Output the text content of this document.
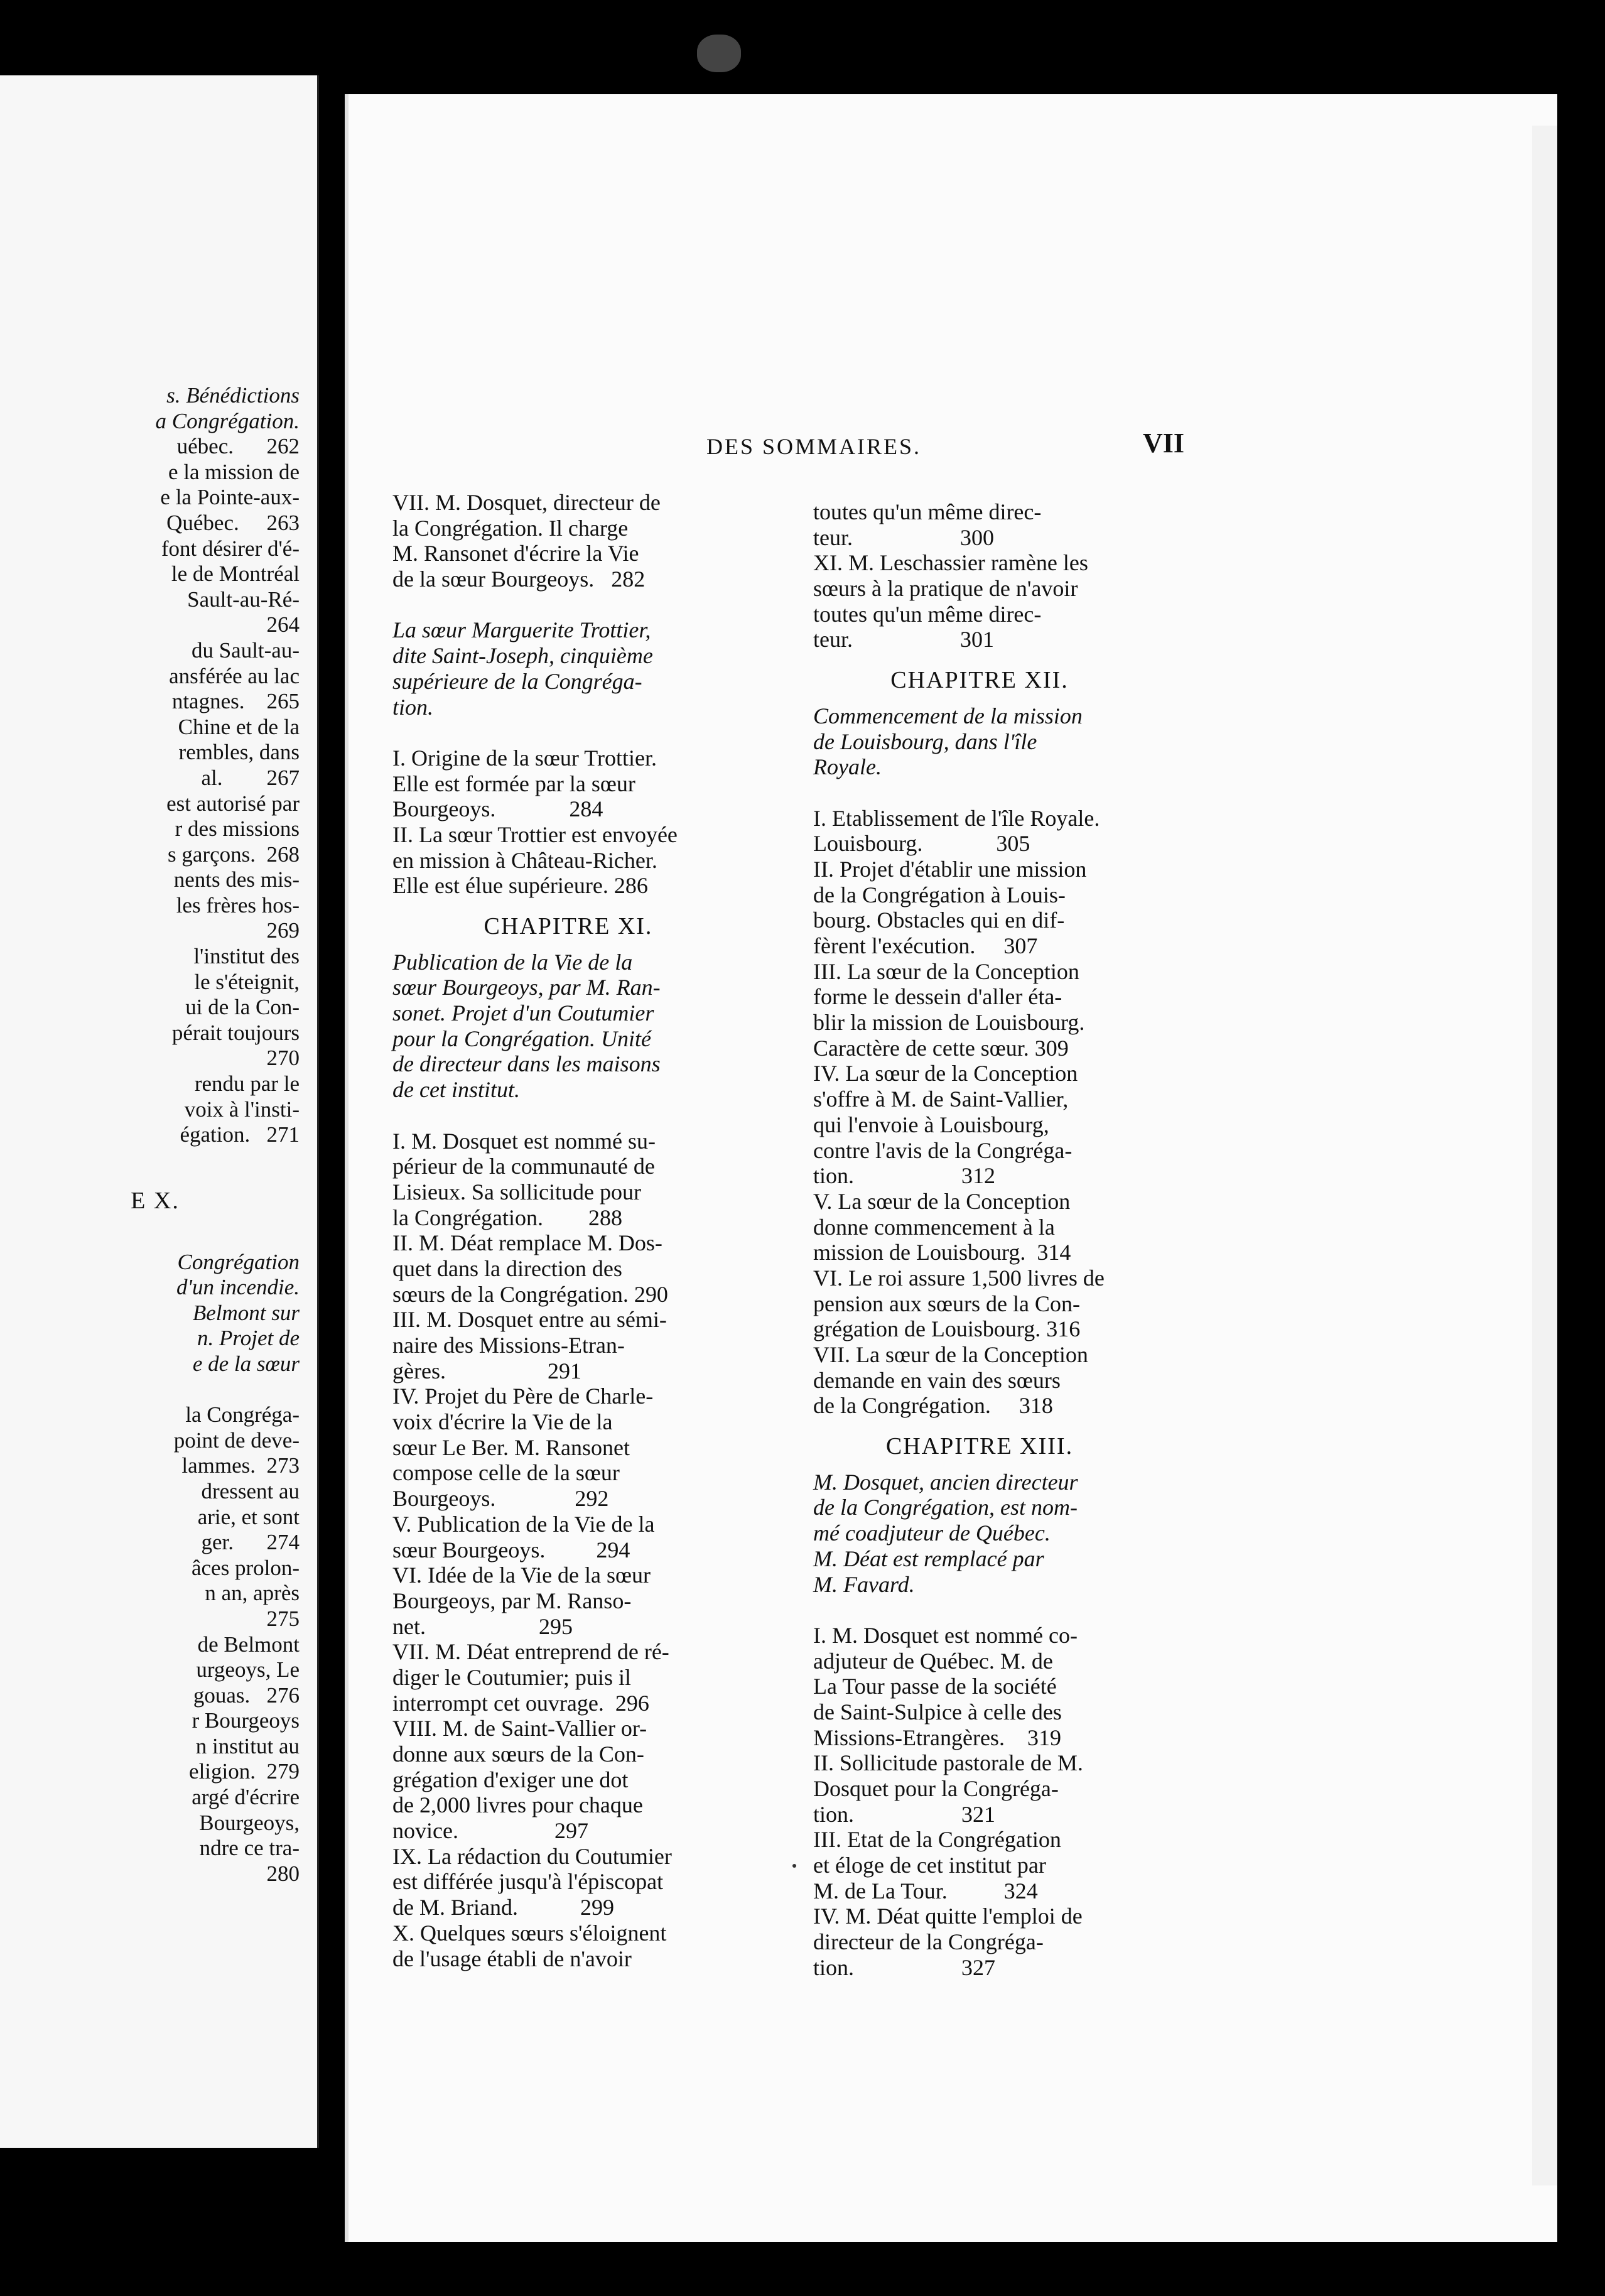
s. Bénédictions
a Congrégation.
uébec.      262
e la mission de
e la Pointe-aux-
Québec.     263
font désirer d'é-
le de Montréal
Sault-au-Ré-
264
du Sault-au-
ansférée au lac
ntagnes.    265
Chine et de la
rembles, dans
al.        267
est autorisé par
r des missions
s garçons.  268
nents des mis-
les frères hos-
269
l'institut des
le s'éteignit,
ui de la Con-
pérait toujours
270
rendu par le
voix à l'insti-
égation.   271
E X.
Congrégation
d'un incendie.
Belmont sur
n. Projet de
e de la sœur
la Congréga-
point de deve-
lammes.  273
dressent au
arie, et sont
ger.      274
âces prolon-
n an, après
275
de Belmont
urgeoys, Le
gouas.   276
r Bourgeoys
n institut au
eligion.  279
argé d'écrire
Bourgeoys,
ndre ce tra-
280
DES SOMMAIRES.	VII
VII. M. Dosquet, directeur de
la Congrégation. Il charge
M. Ransonet d'écrire la Vie
de la sœur Bourgeoys.   282
La sœur Marguerite Trottier,
dite Saint-Joseph, cinquième
supérieure de la Congréga-
tion.
I. Origine de la sœur Trottier.
Elle est formée par la sœur
Bourgeoys.             284
II. La sœur Trottier est envoyée
en mission à Château-Richer.
Elle est élue supérieure. 286
CHAPITRE XI.
Publication de la Vie de la
sœur Bourgeoys, par M. Ran-
sonet. Projet d'un Coutumier
pour la Congrégation. Unité
de directeur dans les maisons
de cet institut.
I. M. Dosquet est nommé su-
périeur de la communauté de
Lisieux. Sa sollicitude pour
la Congrégation.        288
II. M. Déat remplace M. Dos-
quet dans la direction des
sœurs de la Congrégation. 290
III. M. Dosquet entre au sémi-
naire des Missions-Etran-
gères.                  291
IV. Projet du Père de Charle-
voix d'écrire la Vie de la
sœur Le Ber. M. Ransonet
compose celle de la sœur
Bourgeoys.              292
V. Publication de la Vie de la
sœur Bourgeoys.         294
VI. Idée de la Vie de la sœur
Bourgeoys, par M. Ranso-
net.                    295
VII. M. Déat entreprend de ré-
diger le Coutumier; puis il
interrompt cet ouvrage.  296
VIII. M. de Saint-Vallier or-
donne aux sœurs de la Con-
grégation d'exiger une dot
de 2,000 livres pour chaque
novice.                 297
IX. La rédaction du Coutumier
est différée jusqu'à l'épiscopat
de M. Briand.           299
X. Quelques sœurs s'éloignent
de l'usage établi de n'avoir
toutes qu'un même direc-
teur.                   300
XI. M. Leschassier ramène les
sœurs à la pratique de n'avoir
toutes qu'un même direc-
teur.                   301
CHAPITRE XII.
Commencement de la mission
de Louisbourg, dans l'île
Royale.
I. Etablissement de l'île Royale.
Louisbourg.             305
II. Projet d'établir une mission
de la Congrégation à Louis-
bourg. Obstacles qui en dif-
fèrent l'exécution.     307
III. La sœur de la Conception
forme le dessein d'aller éta-
blir la mission de Louisbourg.
Caractère de cette sœur. 309
IV. La sœur de la Conception
s'offre à M. de Saint-Vallier,
qui l'envoie à Louisbourg,
contre l'avis de la Congréga-
tion.                   312
V. La sœur de la Conception
donne commencement à la
mission de Louisbourg.  314
VI. Le roi assure 1,500 livres de
pension aux sœurs de la Con-
grégation de Louisbourg. 316
VII. La sœur de la Conception
demande en vain des sœurs
de la Congrégation.     318
CHAPITRE XIII.
M. Dosquet, ancien directeur
de la Congrégation, est nom-
mé coadjuteur de Québec.
M. Déat est remplacé par
M. Favard.
I. M. Dosquet est nommé co-
adjuteur de Québec. M. de
La Tour passe de la société
de Saint-Sulpice à celle des
Missions-Etrangères.    319
II. Sollicitude pastorale de M.
Dosquet pour la Congréga-
tion.                   321
III. Etat de la Congrégation
et éloge de cet institut par
M. de La Tour.          324
IV. M. Déat quitte l'emploi de
directeur de la Congréga-
tion.                   327
